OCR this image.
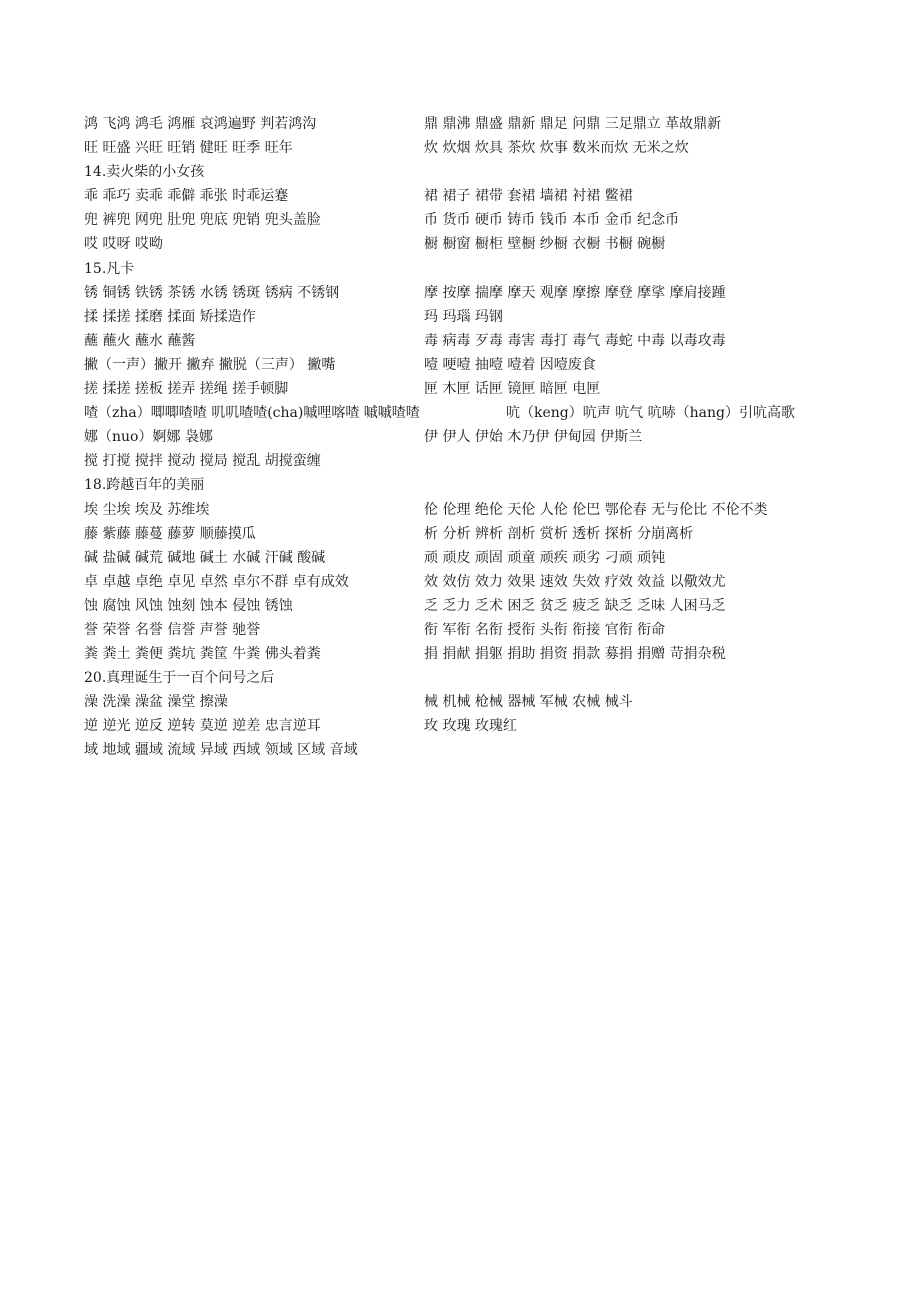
鸿 飞鸿 鸿毛 鸿雁 哀鸿遍野 判若鸿沟	鼎 鼎沸 鼎盛 鼎新 鼎足 问鼎 三足鼎立 革故鼎新
旺 旺盛 兴旺 旺销 健旺 旺季 旺年	炊 炊烟 炊具 茶炊 炊事 数米而炊 无米之炊
14.卖火柴的小女孩
乖 乖巧 卖乖 乖僻 乖张 时乖运蹇	裙 裙子 裙带 套裙 墙裙 衬裙 鳖裙
兜 裤兜 网兜 肚兜 兜底 兜销 兜头盖脸	币 货币 硬币 铸币 钱币 本币 金币 纪念币
哎 哎呀 哎呦	橱 橱窗 橱柜 壁橱 纱橱 衣橱 书橱 碗橱
15.凡卡
锈 铜锈 铁锈 茶锈 水锈 锈斑 锈病 不锈钢	摩 按摩 揣摩 摩天 观摩 摩擦 摩登 摩挲 摩肩接踵
揉 揉搓 揉磨 揉面 矫揉造作	玛 玛瑙 玛钢
蘸 蘸火 蘸水 蘸酱	毒 病毒 歹毒 毒害 毒打 毒气 毒蛇 中毒 以毒攻毒
撇（一声）撇开 撇弃 撇脱（三声） 撇嘴	噎 哽噎 抽噎 噎着 因噎废食
搓 揉搓 搓板 搓弄 搓绳 搓手顿脚	匣 木匣 话匣 镜匣 暗匣 电匣
喳（zha）唧唧喳喳 叽叽喳喳(cha)嘁哩喀喳 嘁嘁喳喳	吭（keng）吭声 吭气 吭哧（hang）引吭高歌
娜（nuo）婀娜 袅娜	伊 伊人 伊始 木乃伊 伊甸园 伊斯兰
搅 打搅 搅拌 搅动 搅局 搅乱 胡搅蛮缠
18.跨越百年的美丽
埃 尘埃 埃及 苏维埃	伦 伦理 绝伦 天伦 人伦 伦巴 鄂伦春 无与伦比 不伦不类
藤 紫藤 藤蔓 藤萝 顺藤摸瓜	析 分析 辨析 剖析 赏析 透析 探析 分崩离析
碱 盐碱 碱荒 碱地 碱土 水碱 汗碱 酸碱	顽 顽皮 顽固 顽童 顽疾 顽劣 刁顽 顽钝
卓 卓越 卓绝 卓见 卓然 卓尔不群 卓有成效	效 效仿 效力 效果 速效 失效 疗效 效益 以儆效尤
蚀 腐蚀 风蚀 蚀刻 蚀本 侵蚀 锈蚀	乏 乏力 乏术 困乏 贫乏 疲乏 缺乏 乏味 人困马乏
誉 荣誉 名誉 信誉 声誉 驰誉	衔 军衔 名衔 授衔 头衔 衔接 官衔 衔命
粪 粪土 粪便 粪坑 粪筐 牛粪 佛头着粪	捐 捐献 捐躯 捐助 捐资 捐款 募捐 捐赠 苛捐杂税
20.真理诞生于一百个问号之后
澡 洗澡 澡盆 澡堂 擦澡	械 机械 枪械 器械 军械 农械 械斗
逆 逆光 逆反 逆转 莫逆 逆差 忠言逆耳	玫 玫瑰 玫瑰红
域 地域 疆域 流域 异域 西域 领域 区域 音域
